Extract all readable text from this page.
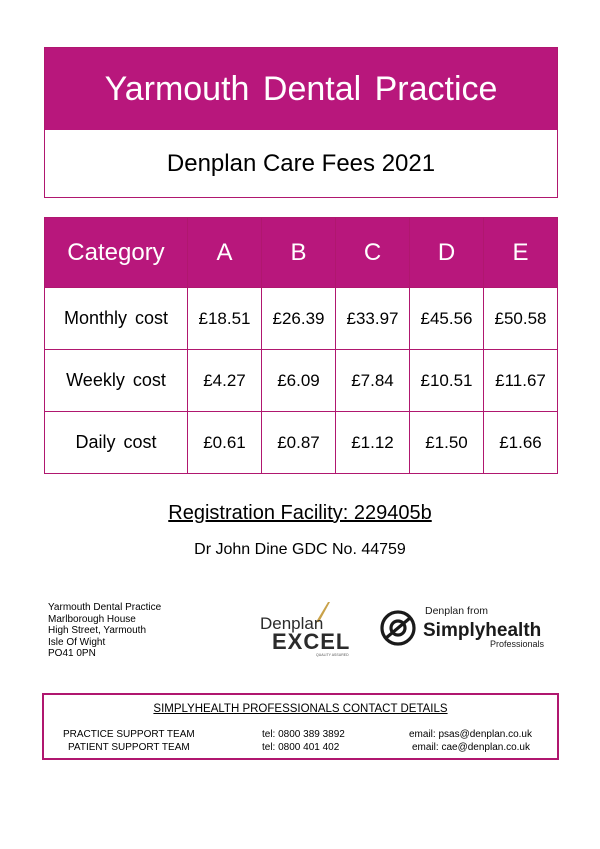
Yarmouth Dental Practice
Denplan Care Fees 2021
Category	A	B	C	D	E
Monthly cost	£18.51	£26.39	£33.97	£45.56	£50.58
Weekly cost	£4.27	£6.09	£7.84	£10.51	£11.67
Daily cost	£0.61	£0.87	£1.12	£1.50	£1.66
Registration Facility: 229405b
Dr John Dine GDC No. 44759
Yarmouth Dental Practice
Marlborough House
High Street, Yarmouth
Isle Of Wight
PO41 0PN
Denplan
EXCEL
QUALITY ASSURED
Denplan from
Simplyhealth
Professionals
SIMPLYHEALTH PROFESSIONALS CONTACT DETAILS
PRACTICE SUPPORT TEAM	tel: 0800 389 3892	email: psas@denplan.co.uk
PATIENT SUPPORT TEAM	tel: 0800 401 402	email: cae@denplan.co.uk
